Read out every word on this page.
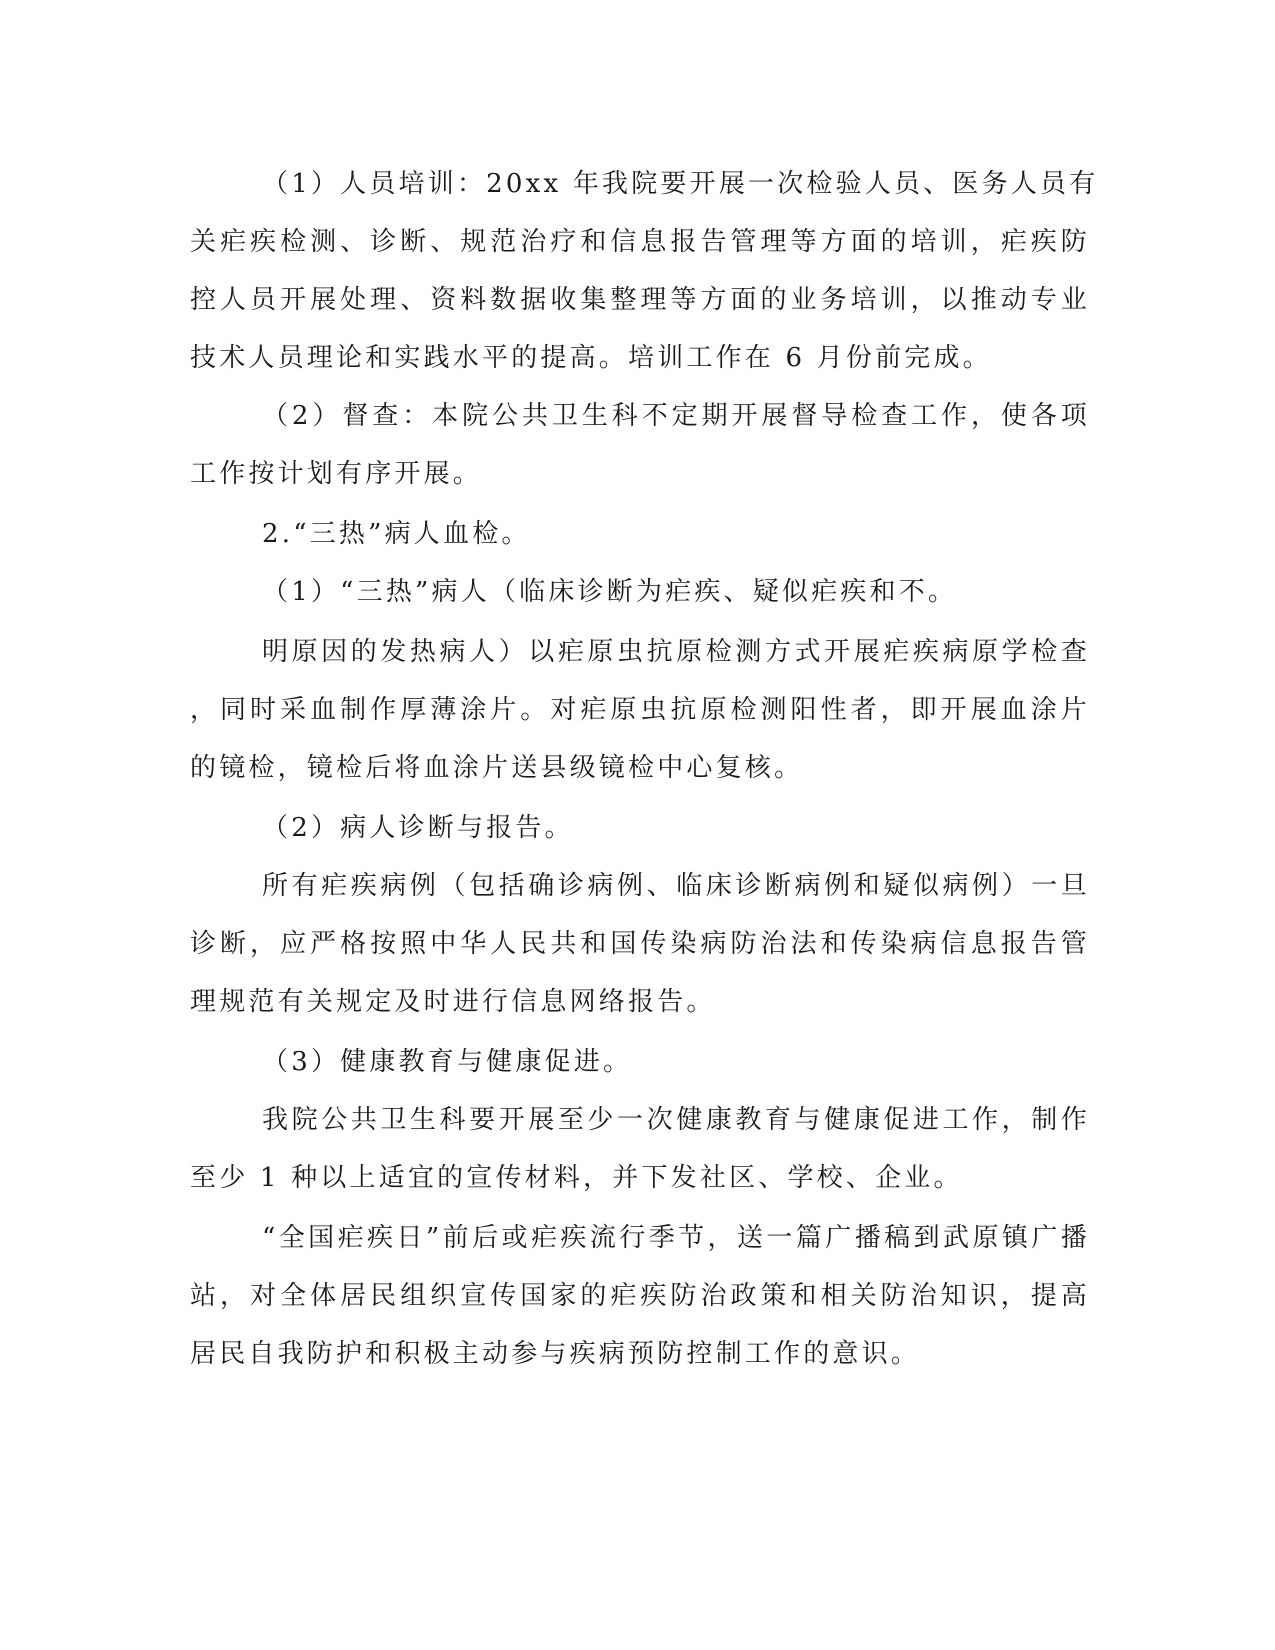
（1）人员培训：20xx 年我院要开展一次检验人员、医务人员有
关疟疾检测、诊断、规范治疗和信息报告管理等方面的培训，疟疾防
控人员开展处理、资料数据收集整理等方面的业务培训，以推动专业
技术人员理论和实践水平的提高。培训工作在 6 月份前完成。
（2）督查：本院公共卫生科不定期开展督导检查工作，使各项
工作按计划有序开展。
2.“三热”病人血检。
（1）“三热”病人（临床诊断为疟疾、疑似疟疾和不。
明原因的发热病人）以疟原虫抗原检测方式开展疟疾病原学检查
，同时采血制作厚薄涂片。对疟原虫抗原检测阳性者，即开展血涂片
的镜检，镜检后将血涂片送县级镜检中心复核。
（2）病人诊断与报告。
所有疟疾病例（包括确诊病例、临床诊断病例和疑似病例）一旦
诊断，应严格按照中华人民共和国传染病防治法和传染病信息报告管
理规范有关规定及时进行信息网络报告。
（3）健康教育与健康促进。
我院公共卫生科要开展至少一次健康教育与健康促进工作，制作
至少 1 种以上适宜的宣传材料，并下发社区、学校、企业。
“全国疟疾日”前后或疟疾流行季节，送一篇广播稿到武原镇广播
站，对全体居民组织宣传国家的疟疾防治政策和相关防治知识，提高
居民自我防护和积极主动参与疾病预防控制工作的意识。
